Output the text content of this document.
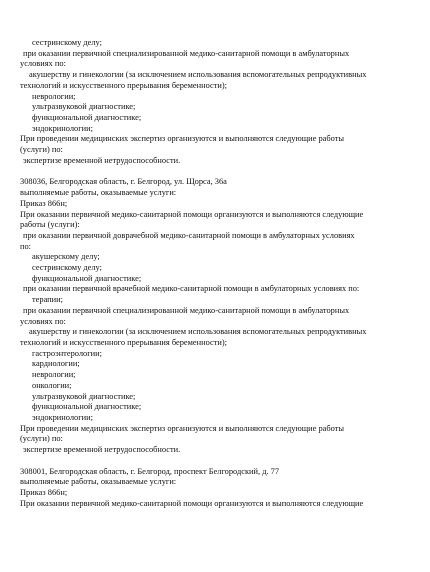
сестринскому делу;
при оказании первичной специализированной медико-санитарной помощи в амбулаторных
условиях по:
акушерству и гинекологии (за исключением использования вспомогательных репродуктивных
технологий и искусственного прерывания беременности);
неврологии;
ультразвуковой диагностике;
функциональной диагностике;
эндокринологии;
При проведении медицинских экспертиз организуются и выполняются следующие работы
(услуги) по:
экспертизе временной нетрудоспособности.
308036, Белгородская область, г. Белгород, ул. Щорса, 36а
выполняемые работы, оказываемые услуги:
Приказ 866н;
При оказании первичной медико-санитарной помощи организуются и выполняются следующие
работы (услуги):
при оказании первичной доврачебной медико-санитарной помощи в амбулаторных условиях
по:
акушерскому делу;
сестринскому делу;
функциональной диагностике;
при оказании первичной врачебной медико-санитарной помощи в амбулаторных условиях по:
терапии;
при оказании первичной специализированной медико-санитарной помощи в амбулаторных
условиях по:
акушерству и гинекологии (за исключением использования вспомогательных репродуктивных
технологий и искусственного прерывания беременности);
гастроэнтерологии;
кардиологии;
неврологии;
онкологии;
ультразвуковой диагностике;
функциональной диагностике;
эндокринологии;
При проведении медицинских экспертиз организуются и выполняются следующие работы
(услуги) по:
экспертизе временной нетрудоспособности.
308001, Белгородская область, г. Белгород, проспект Белгородский, д. 77
выполняемые работы, оказываемые услуги:
Приказ 866н;
При оказании первичной медико-санитарной помощи организуются и выполняются следующие
